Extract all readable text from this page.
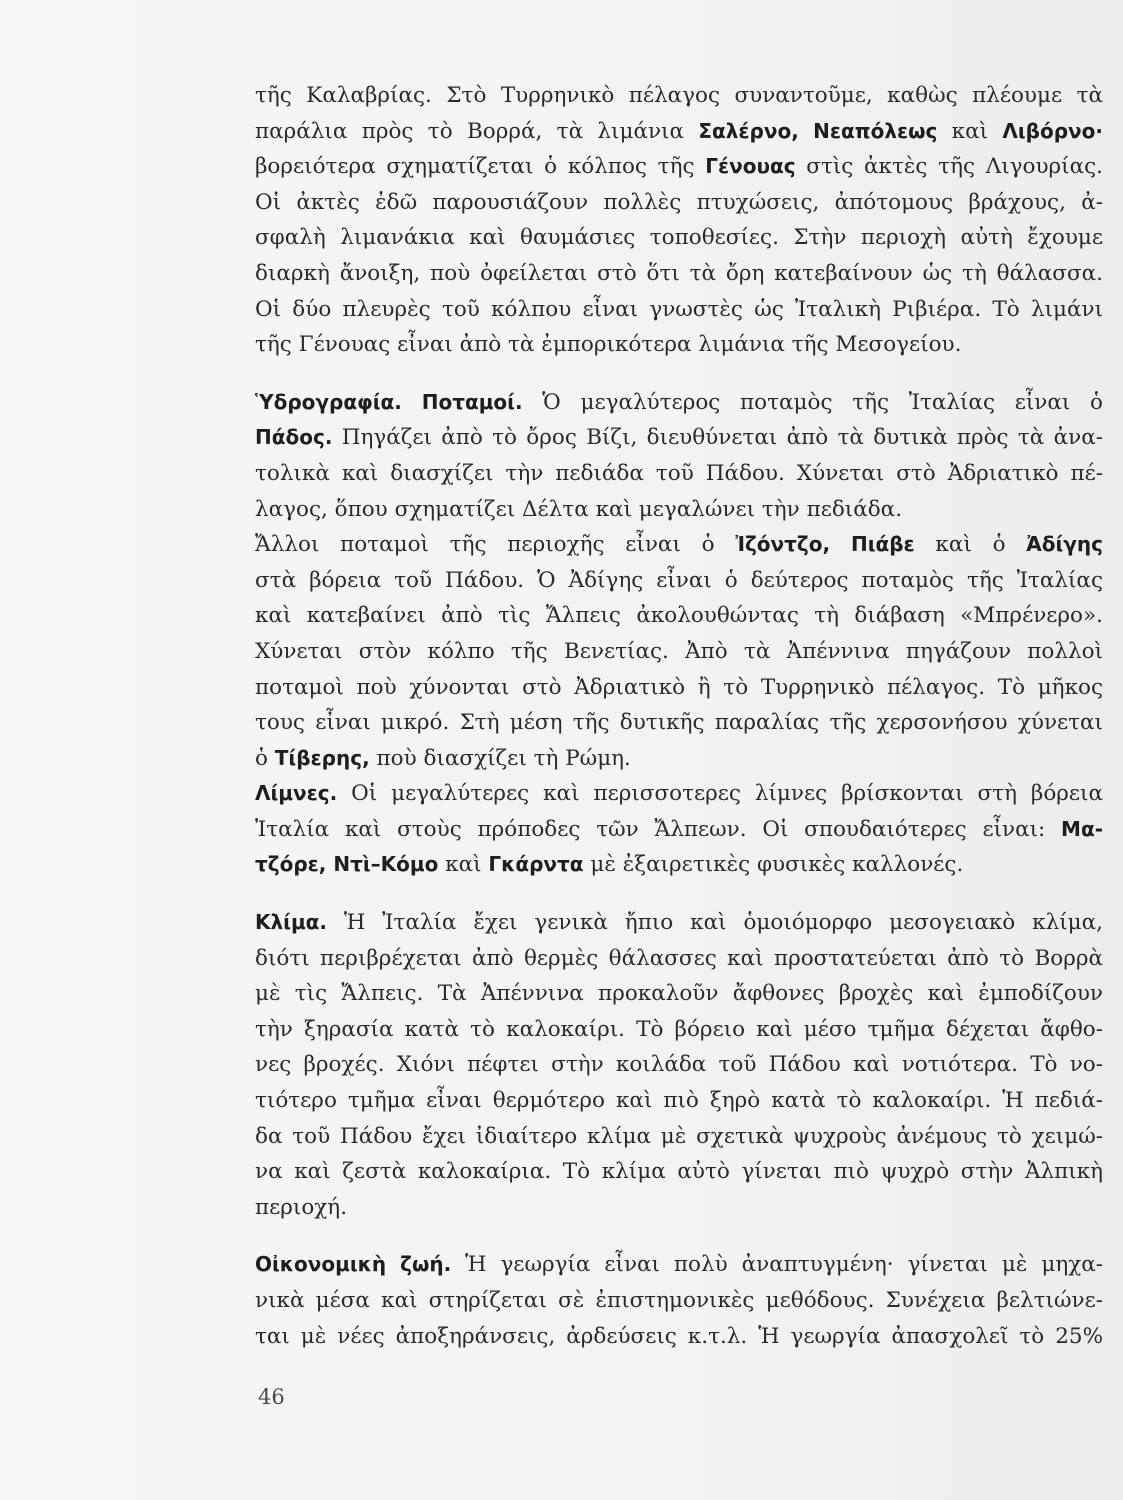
τῆς Καλαβρίας. Στὸ Τυρρηνικὸ πέλαγος συναντοῦμε, καθὼς πλέουμε τὰ
παράλια πρὸς τὸ Βορρά, τὰ λιμάνια Σαλέρνο, Νεαπόλεως καὶ Λιβόρνο·
βορειότερα σχηματίζεται ὁ κόλπος τῆς Γένουας στὶς ἀκτὲς τῆς Λιγουρίας.
Οἱ ἀκτὲς ἐδῶ παρουσιάζουν πολλὲς πτυχώσεις, ἀπότομους βράχους, ἀ-
σφαλὴ λιμανάκια καὶ θαυμάσιες τοποθεσίες. Στὴν περιοχὴ αὐτὴ ἔχουμε
διαρκὴ ἄνοιξη, ποὺ ὀφείλεται στὸ ὅτι τὰ ὄρη κατεβαίνουν ὡς τὴ θάλασσα.
Οἱ δύο πλευρὲς τοῦ κόλπου εἶναι γνωστὲς ὡς Ἰταλικὴ Ριβιέρα. Τὸ λιμάνι
τῆς Γένουας εἶναι ἀπὸ τὰ ἐμπορικότερα λιμάνια τῆς Μεσογείου.
Ὑδρογραφία. Ποταμοί. Ὁ μεγαλύτερος ποταμὸς τῆς Ἰταλίας εἶναι ὁ
Πάδος. Πηγάζει ἀπὸ τὸ ὄρος Βίζι, διευθύνεται ἀπὸ τὰ δυτικὰ πρὸς τὰ ἀνα-
τολικὰ καὶ διασχίζει τὴν πεδιάδα τοῦ Πάδου. Χύνεται στὸ Ἀδριατικὸ πέ-
λαγος, ὅπου σχηματίζει Δέλτα καὶ μεγαλώνει τὴν πεδιάδα.
Ἄλλοι ποταμοὶ τῆς περιοχῆς εἶναι ὁ Ἰζόντζο, Πιάβε καὶ ὁ Ἀδίγης
στὰ βόρεια τοῦ Πάδου. Ὁ Ἀδίγης εἶναι ὁ δεύτερος ποταμὸς τῆς Ἰταλίας
καὶ κατεβαίνει ἀπὸ τὶς Ἄλπεις ἀκολουθώντας τὴ διάβαση «Μπρένερο».
Χύνεται στὸν κόλπο τῆς Βενετίας. Ἀπὸ τὰ Ἀπέννινα πηγάζουν πολλοὶ
ποταμοὶ ποὺ χύνονται στὸ Ἀδριατικὸ ἢ τὸ Τυρρηνικὸ πέλαγος. Τὸ μῆκος
τους εἶναι μικρό. Στὴ μέση τῆς δυτικῆς παραλίας τῆς χερσονήσου χύνεται
ὁ Τίβερης, ποὺ διασχίζει τὴ Ρώμη.
Λίμνες. Οἱ μεγαλύτερες καὶ περισσοτερες λίμνες βρίσκονται στὴ βόρεια
Ἰταλία καὶ στοὺς πρόποδες τῶν Ἄλπεων. Οἱ σπουδαιότερες εἶναι: Μα-
τζόρε, Ντὶ–Κόμο καὶ Γκάρντα μὲ ἐξαιρετικὲς φυσικὲς καλλονές.
Κλίμα. Ἡ Ἰταλία ἔχει γενικὰ ἤπιο καὶ ὁμοιόμορφο μεσογειακὸ κλίμα,
διότι περιβρέχεται ἀπὸ θερμὲς θάλασσες καὶ προστατεύεται ἀπὸ τὸ Βορρὰ
μὲ τὶς Ἄλπεις. Τὰ Ἀπέννινα προκαλοῦν ἄφθονες βροχὲς καὶ ἐμποδίζουν
τὴν ξηρασία κατὰ τὸ καλοκαίρι. Τὸ βόρειο καὶ μέσο τμῆμα δέχεται ἄφθο-
νες βροχές. Χιόνι πέφτει στὴν κοιλάδα τοῦ Πάδου καὶ νοτιότερα. Τὸ νο-
τιότερο τμῆμα εἶναι θερμότερο καὶ πιὸ ξηρὸ κατὰ τὸ καλοκαίρι. Ἡ πεδιά-
δα τοῦ Πάδου ἔχει ἰδιαίτερο κλίμα μὲ σχετικὰ ψυχροὺς ἀνέμους τὸ χειμώ-
να καὶ ζεστὰ καλοκαίρια. Τὸ κλίμα αὐτὸ γίνεται πιὸ ψυχρὸ στὴν Ἀλπικὴ
περιοχή.
Οἰκονομικὴ ζωή. Ἡ γεωργία εἶναι πολὺ ἀναπτυγμένη· γίνεται μὲ μηχα-
νικὰ μέσα καὶ στηρίζεται σὲ ἐπιστημονικὲς μεθόδους. Συνέχεια βελτιώνε-
ται μὲ νέες ἀποξηράνσεις, ἀρδεύσεις κ.τ.λ. Ἡ γεωργία ἀπασχολεῖ τὸ 25%
46
